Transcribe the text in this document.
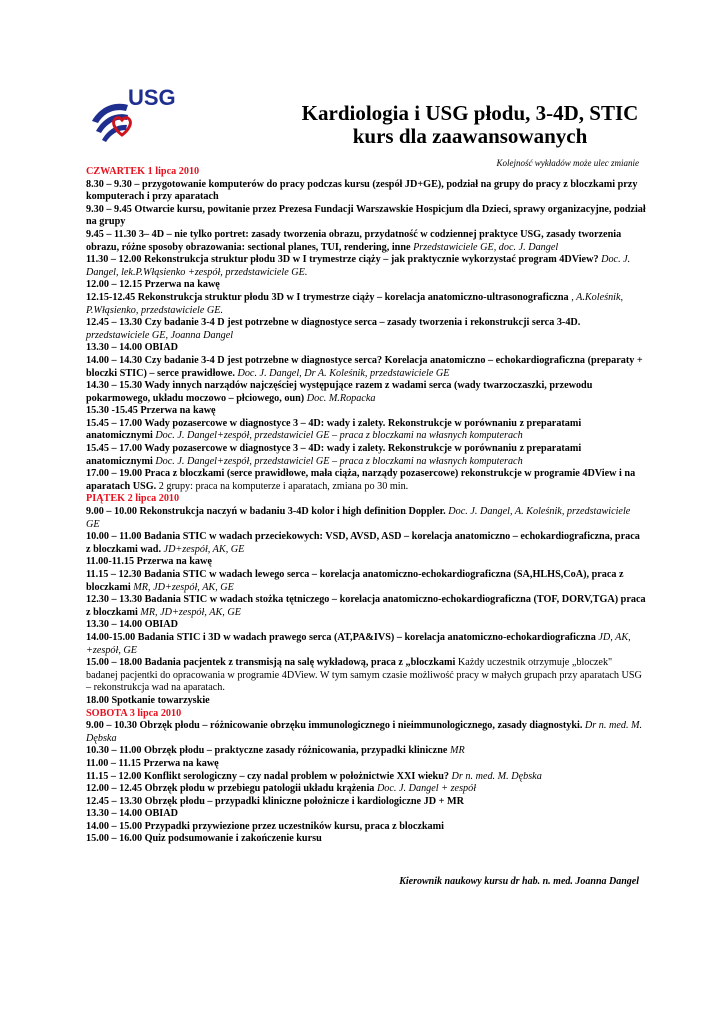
USG
Kardiologia i USG płodu, 3-4D, STIC
kurs dla zaawansowanych
Kolejność wykładów może ulec zmianie
CZWARTEK 1 lipca 2010
8.30 – 9.30 – przygotowanie komputerów do pracy podczas kursu (zespół JD+GE), podział na grupy do pracy z bloczkami przy komputerach i przy aparatach
9.30 – 9.45 Otwarcie kursu, powitanie przez Prezesa Fundacji Warszawskie Hospicjum dla Dzieci, sprawy organizacyjne, podział na grupy
9.45 – 11.30 3– 4D – nie tylko portret: zasady tworzenia obrazu, przydatność w codziennej praktyce USG, zasady tworzenia obrazu, różne sposoby obrazowania: sectional planes, TUI, rendering, inne Przedstawiciele GE, doc. J. Dangel
11.30 – 12.00 Rekonstrukcja struktur płodu 3D w I trymestrze ciąży – jak praktycznie wykorzystać program 4DView? Doc. J. Dangel, lek.P.Włąsienko +zespół, przedstawiciele GE.
12.00 – 12.15 Przerwa na kawę
12.15-12.45 Rekonstrukcja struktur płodu 3D w I trymestrze ciąży – korelacja anatomiczno-ultrasonograficzna , A.Koleśnik, P.Włąsienko, przedstawiciele GE.
12.45 – 13.30 Czy badanie 3-4 D jest potrzebne w diagnostyce serca – zasady tworzenia i rekonstrukcji serca 3-4D. przedstawiciele GE, Joanna Dangel
13.30 – 14.00 OBIAD
14.00 – 14.30 Czy badanie 3-4 D jest potrzebne w diagnostyce serca? Korelacja anatomiczno – echokardiograficzna (preparaty + bloczki STIC) – serce prawidłowe. Doc. J. Dangel, Dr A. Koleśnik, przedstawiciele GE
14.30 – 15.30 Wady innych narządów najczęściej występujące razem z wadami serca (wady twarzoczaszki, przewodu pokarmowego, układu moczowo – płciowego, oun) Doc. M.Ropacka
15.30 -15.45 Przerwa na kawę
15.45 – 17.00 Wady pozasercowe w diagnostyce 3 – 4D: wady i zalety. Rekonstrukcje w porównaniu z preparatami anatomicznymi Doc. J. Dangel+zespół, przedstawiciel GE – praca z bloczkami na własnych komputerach
15.45 – 17.00 Wady pozasercowe w diagnostyce 3 – 4D: wady i zalety. Rekonstrukcje w porównaniu z preparatami anatomicznymi Doc. J. Dangel+zespół, przedstawiciel GE – praca z bloczkami na własnych komputerach
17.00 – 19.00 Praca z bloczkami (serce prawidłowe, mała ciąża, narządy pozasercowe) rekonstrukcje w programie 4DView i na aparatach USG. 2 grupy: praca na komputerze i aparatach, zmiana po 30 min.
PIĄTEK 2 lipca 2010
9.00 – 10.00 Rekonstrukcja naczyń w badaniu 3-4D kolor i high definition Doppler. Doc. J. Dangel, A. Koleśnik, przedstawiciele GE
10.00 – 11.00 Badania STIC w wadach przeciekowych: VSD, AVSD, ASD – korelacja anatomiczno – echokardiograficzna, praca z bloczkami wad. JD+zespół, AK, GE
11.00-11.15 Przerwa na kawę
11.15 – 12.30 Badania STIC w wadach lewego serca – korelacja anatomiczno-echokardiograficzna (SA,HLHS,CoA), praca z bloczkami MR, JD+zespół, AK, GE
12.30 – 13.30 Badania STIC w wadach stożka tętniczego – korelacja anatomiczno-echokardiograficzna (TOF, DORV,TGA) praca z bloczkami MR, JD+zespół, AK, GE
13.30 – 14.00 OBIAD
14.00-15.00 Badania STIC i 3D w wadach prawego serca (AT,PA&IVS) – korelacja anatomiczno-echokardiograficzna JD, AK, +zespół, GE
15.00 – 18.00 Badania pacjentek z transmisją na salę wykładową, praca z „bloczkami Każdy uczestnik otrzymuje „bloczek" badanej pacjentki do opracowania w programie 4DView. W tym samym czasie możliwość pracy w małych grupach przy aparatach USG – rekonstrukcja wad na aparatach.
18.00 Spotkanie towarzyskie
SOBOTA 3 lipca 2010
9.00 – 10.30 Obrzęk płodu – różnicowanie obrzęku immunologicznego i nieimmunologicznego, zasady diagnostyki. Dr n. med. M. Dębska
10.30 – 11.00 Obrzęk płodu – praktyczne zasady różnicowania, przypadki kliniczne MR
11.00 – 11.15 Przerwa na kawę
11.15 – 12.00 Konflikt serologiczny – czy nadal problem w położnictwie XXI wieku? Dr n. med. M. Dębska
12.00 – 12.45 Obrzęk płodu w przebiegu patologii układu krążenia Doc. J. Dangel + zespół
12.45 – 13.30 Obrzęk płodu – przypadki kliniczne położnicze i kardiologiczne JD + MR
13.30 – 14.00 OBIAD
14.00 – 15.00 Przypadki przywiezione przez uczestników kursu, praca z bloczkami
15.00 – 16.00 Quiz podsumowanie i zakończenie kursu
Kierownik naukowy kursu dr hab. n. med. Joanna Dangel
